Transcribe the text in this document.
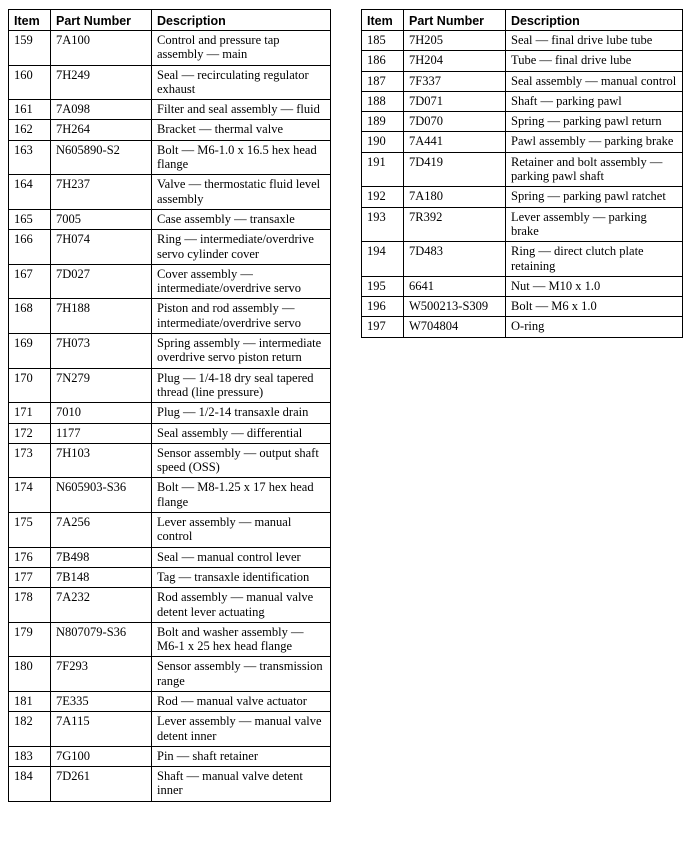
Item	Part Number	Description
159	7A100	Control and pressure tap assembly — main
160	7H249	Seal — recirculating regulator exhaust
161	7A098	Filter and seal assembly — fluid
162	7H264	Bracket — thermal valve
163	N605890-S2	Bolt — M6-1.0 x 16.5 hex head flange
164	7H237	Valve — thermostatic fluid level assembly
165	7005	Case assembly — transaxle
166	7H074	Ring — intermediate/overdrive servo cylinder cover
167	7D027	Cover assembly — intermediate/overdrive servo
168	7H188	Piston and rod assembly — intermediate/overdrive servo
169	7H073	Spring assembly — intermediate overdrive servo piston return
170	7N279	Plug — 1/4-18 dry seal tapered thread (line pressure)
171	7010	Plug — 1/2-14 transaxle drain
172	1177	Seal assembly — differential
173	7H103	Sensor assembly — output shaft speed (OSS)
174	N605903-S36	Bolt — M8-1.25 x 17 hex head flange
175	7A256	Lever assembly — manual control
176	7B498	Seal — manual control lever
177	7B148	Tag — transaxle identification
178	7A232	Rod assembly — manual valve detent lever actuating
179	N807079-S36	Bolt and washer assembly — M6-1 x 25 hex head flange
180	7F293	Sensor assembly — transmission range
181	7E335	Rod — manual valve actuator
182	7A115	Lever assembly — manual valve detent inner
183	7G100	Pin — shaft retainer
184	7D261	Shaft — manual valve detent inner
Item	Part Number	Description
185	7H205	Seal — final drive lube tube
186	7H204	Tube — final drive lube
187	7F337	Seal assembly — manual control
188	7D071	Shaft — parking pawl
189	7D070	Spring — parking pawl return
190	7A441	Pawl assembly — parking brake
191	7D419	Retainer and bolt assembly — parking pawl shaft
192	7A180	Spring — parking pawl ratchet
193	7R392	Lever assembly — parking brake
194	7D483	Ring — direct clutch plate retaining
195	6641	Nut — M10 x 1.0
196	W500213-S309	Bolt — M6 x 1.0
197	W704804	O-ring
